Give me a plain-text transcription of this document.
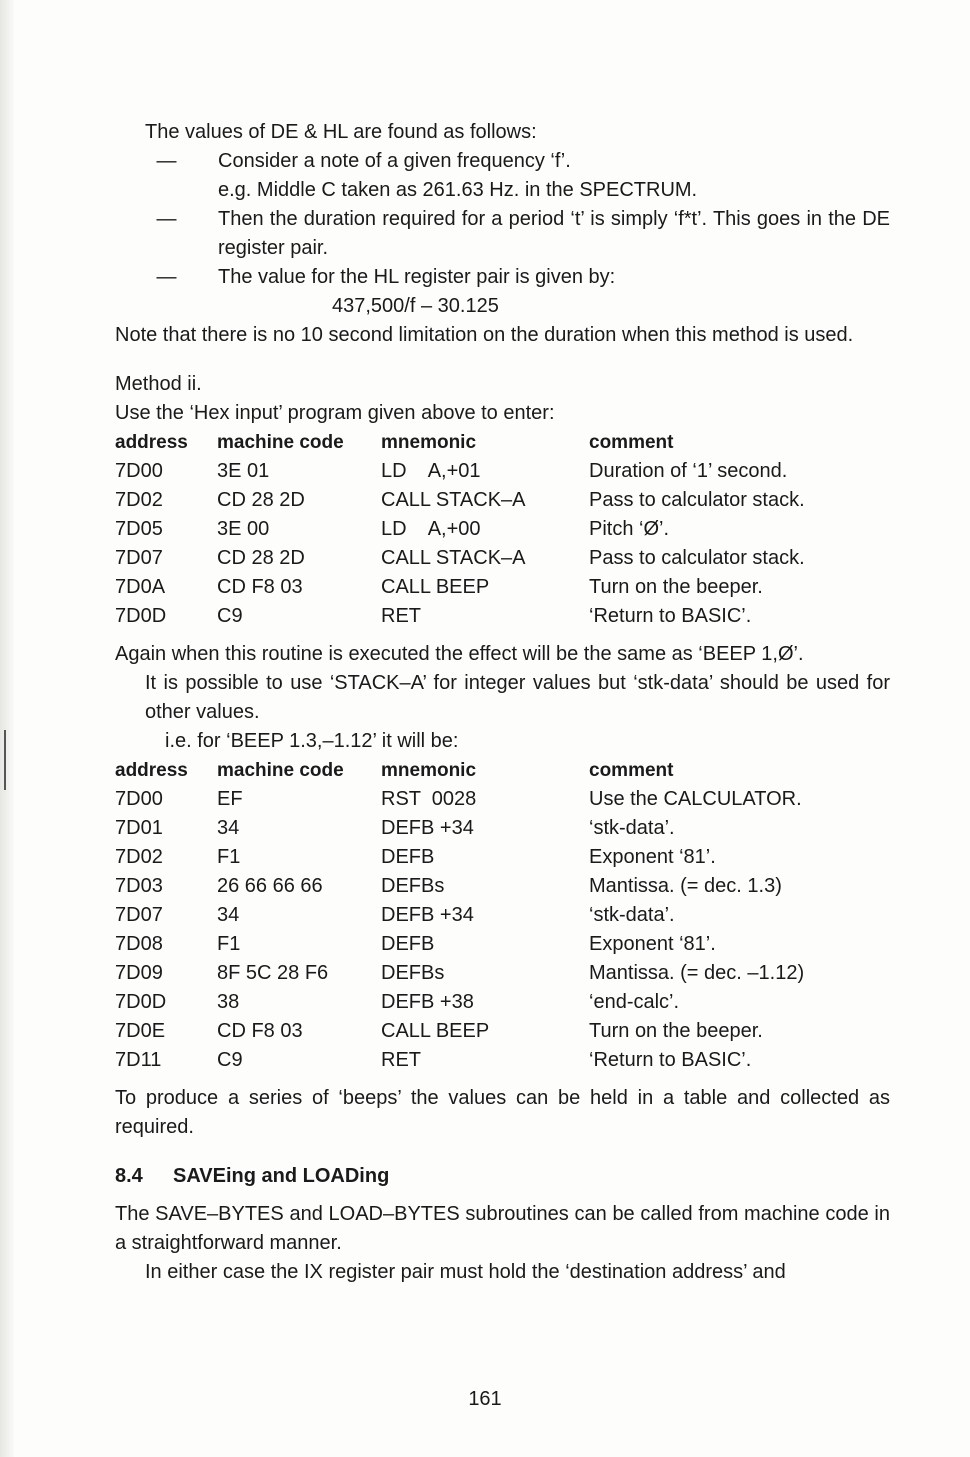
The values of DE & HL are found as follows:

—	Consider a note of a given frequency ‘f’.
e.g. Middle C taken as 261.63 Hz. in the SPECTRUM.
—	Then the duration required for a period ‘t’ is simply ‘f*t’. This goes in the DE register pair.
—	The value for the HL register pair is given by:

437,500/f – 30.125

Note that there is no 10 second limitation on the duration when this method is used.

Method ii.

Use the ‘Hex input’ program given above to enter:

address	machine code	mnemonic	comment
7D00	3E 01	LD    A,+01	Duration of ‘1’ second.
7D02	CD 28 2D	CALL STACK–A	Pass to calculator stack.
7D05	3E 00	LD    A,+00	Pitch ‘Ø’.
7D07	CD 28 2D	CALL STACK–A	Pass to calculator stack.
7D0A	CD F8 03	CALL BEEP	Turn on the beeper.
7D0D	C9	RET	‘Return to BASIC’.

Again when this routine is executed the effect will be the same as ‘BEEP 1,Ø’.

It is possible to use ‘STACK–A’ for integer values but ‘stk-data’ should be used for other values.

i.e. for ‘BEEP 1.3,–1.12’ it will be:

address	machine code	mnemonic	comment
7D00	EF	RST  0028	Use the CALCULATOR.
7D01	34	DEFB +34	‘stk-data’.
7D02	F1	DEFB	Exponent ‘81’.
7D03	26 66 66 66	DEFBs	Mantissa. (= dec. 1.3)
7D07	34	DEFB +34	‘stk-data’.
7D08	F1	DEFB	Exponent ‘81’.
7D09	8F 5C 28 F6	DEFBs	Mantissa. (= dec. –1.12)
7D0D	38	DEFB +38	‘end-calc’.
7D0E	CD F8 03	CALL BEEP	Turn on the beeper.
7D11	C9	RET	‘Return to BASIC’.

To produce a series of ‘beeps’ the values can be held in a table and collected as required.

8.4	SAVEing and LOADing

The SAVE–BYTES and LOAD–BYTES subroutines can be called from machine code in a straightforward manner.

In either case the IX register pair must hold the ‘destination address’ and

161
